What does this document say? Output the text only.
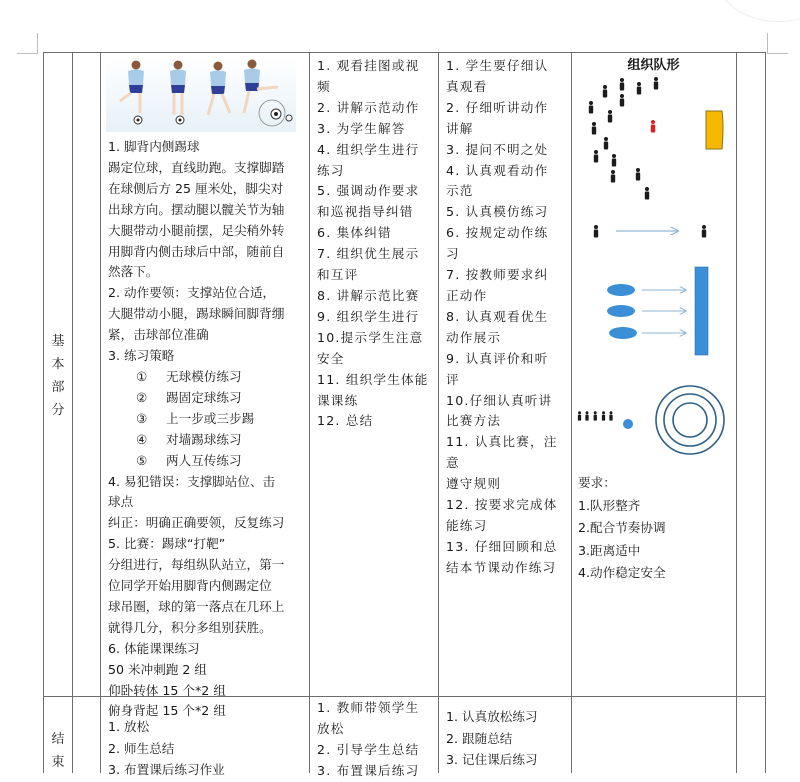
基
本
部
分

1. 脚背内侧踢球

踢定位球，直线助跑。支撑脚踏

在球侧后方 25 厘米处，脚尖对

出球方向。摆动腿以髋关节为轴

大腿带动小腿前摆，足尖稍外转

用脚背内侧击球后中部，随前自

然落下。

2. 动作要领：支撑站位合适，

大腿带动小腿，踢球瞬间脚背绷

紧，击球部位准确

3. 练习策略

① 无球模仿练习

② 踢固定球练习

③ 上一步或三步踢

④ 对墙踢球练习

⑤ 两人互传练习

4. 易犯错误：支撑脚站位、击

球点

纠正：明确正确要领，反复练习

5. 比赛：踢球“打靶”

分组进行，每组纵队站立，第一

位同学开始用脚背内侧踢定位

球吊圈，球的第一落点在几环上

就得几分，积分多组别获胜。

6. 体能课课练习

50 米冲刺跑 2 组

仰卧转体 15 个*2 组

俯身背起 15 个*2 组

1. 观看挂图或视

频

2. 讲解示范动作

3. 为学生解答

4. 组织学生进行

练习

5. 强调动作要求

和巡视指导纠错

6. 集体纠错

7. 组织优生展示

和互评

8. 讲解示范比赛

9. 组织学生进行

10.提示学生注意

安全

11. 组织学生体能

课课练

12. 总结

1. 学生要仔细认

真观看

2. 仔细听讲动作

讲解

3. 提问不明之处

4. 认真观看动作

示范

5. 认真模仿练习

6. 按规定动作练

习

7. 按教师要求纠

正动作

8. 认真观看优生

动作展示

9. 认真评价和听

评

10.仔细认真听讲

比赛方法

11. 认真比赛，注意

遵守规则

12. 按要求完成体

能练习

13. 仔细回顾和总

结本节课动作练习

组织队形

要求：

1.队形整齐

2.配合节奏协调

3.距离适中

4.动作稳定安全

结
束

1. 放松

2. 师生总结

3. 布置课后练习作业

1. 教师带领学生

放松

2. 引导学生总结

3. 布置课后练习

1. 认真放松练习

2. 跟随总结

3. 记住课后练习
